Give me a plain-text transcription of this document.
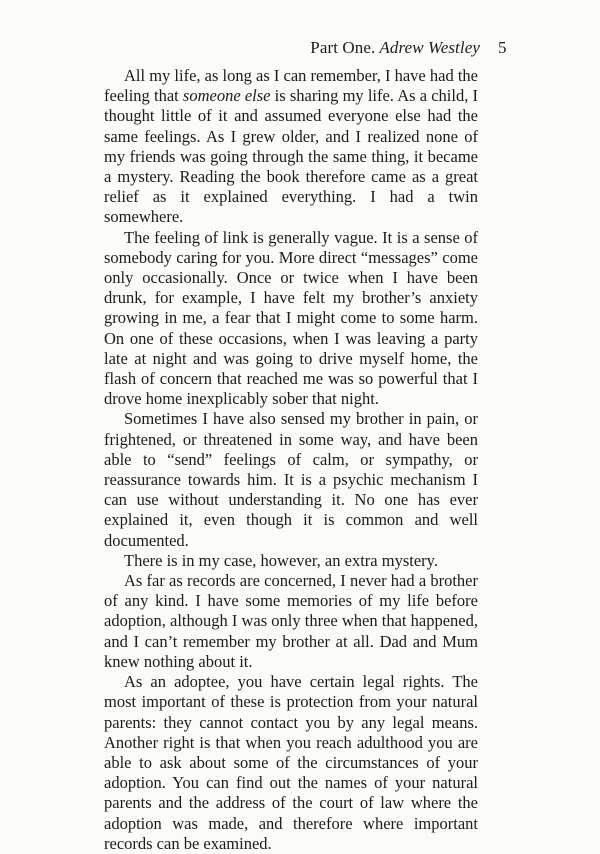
Part One. Adrew Westley 5

All my life, as long as I can remember, I have had the feeling that someone else is sharing my life. As a child, I thought little of it and assumed everyone else had the same feelings. As I grew older, and I realized none of my friends was going through the same thing, it became a mystery. Reading the book therefore came as a great relief as it explained everything. I had a twin somewhere.

The feeling of link is generally vague. It is a sense of somebody caring for you. More direct “messages” come only occasionally. Once or twice when I have been drunk, for example, I have felt my brother’s anxiety growing in me, a fear that I might come to some harm. On one of these occasions, when I was leaving a party late at night and was going to drive myself home, the flash of concern that reached me was so powerful that I drove home inexplicably sober that night.

Sometimes I have also sensed my brother in pain, or frightened, or threatened in some way, and have been able to “send” feelings of calm, or sympathy, or reassurance towards him. It is a psychic mechanism I can use without understanding it. No one has ever explained it, even though it is common and well documented.

There is in my case, however, an extra mystery.

As far as records are concerned, I never had a brother of any kind. I have some memories of my life before adoption, although I was only three when that happened, and I can’t remember my brother at all. Dad and Mum knew nothing about it.

As an adoptee, you have certain legal rights. The most important of these is protection from your natural parents: they cannot contact you by any legal means. Another right is that when you reach adulthood you are able to ask about some of the circumstances of your adoption. You can find out the names of your natural parents and the address of the court of law where the adoption was made, and therefore where important records can be examined.
